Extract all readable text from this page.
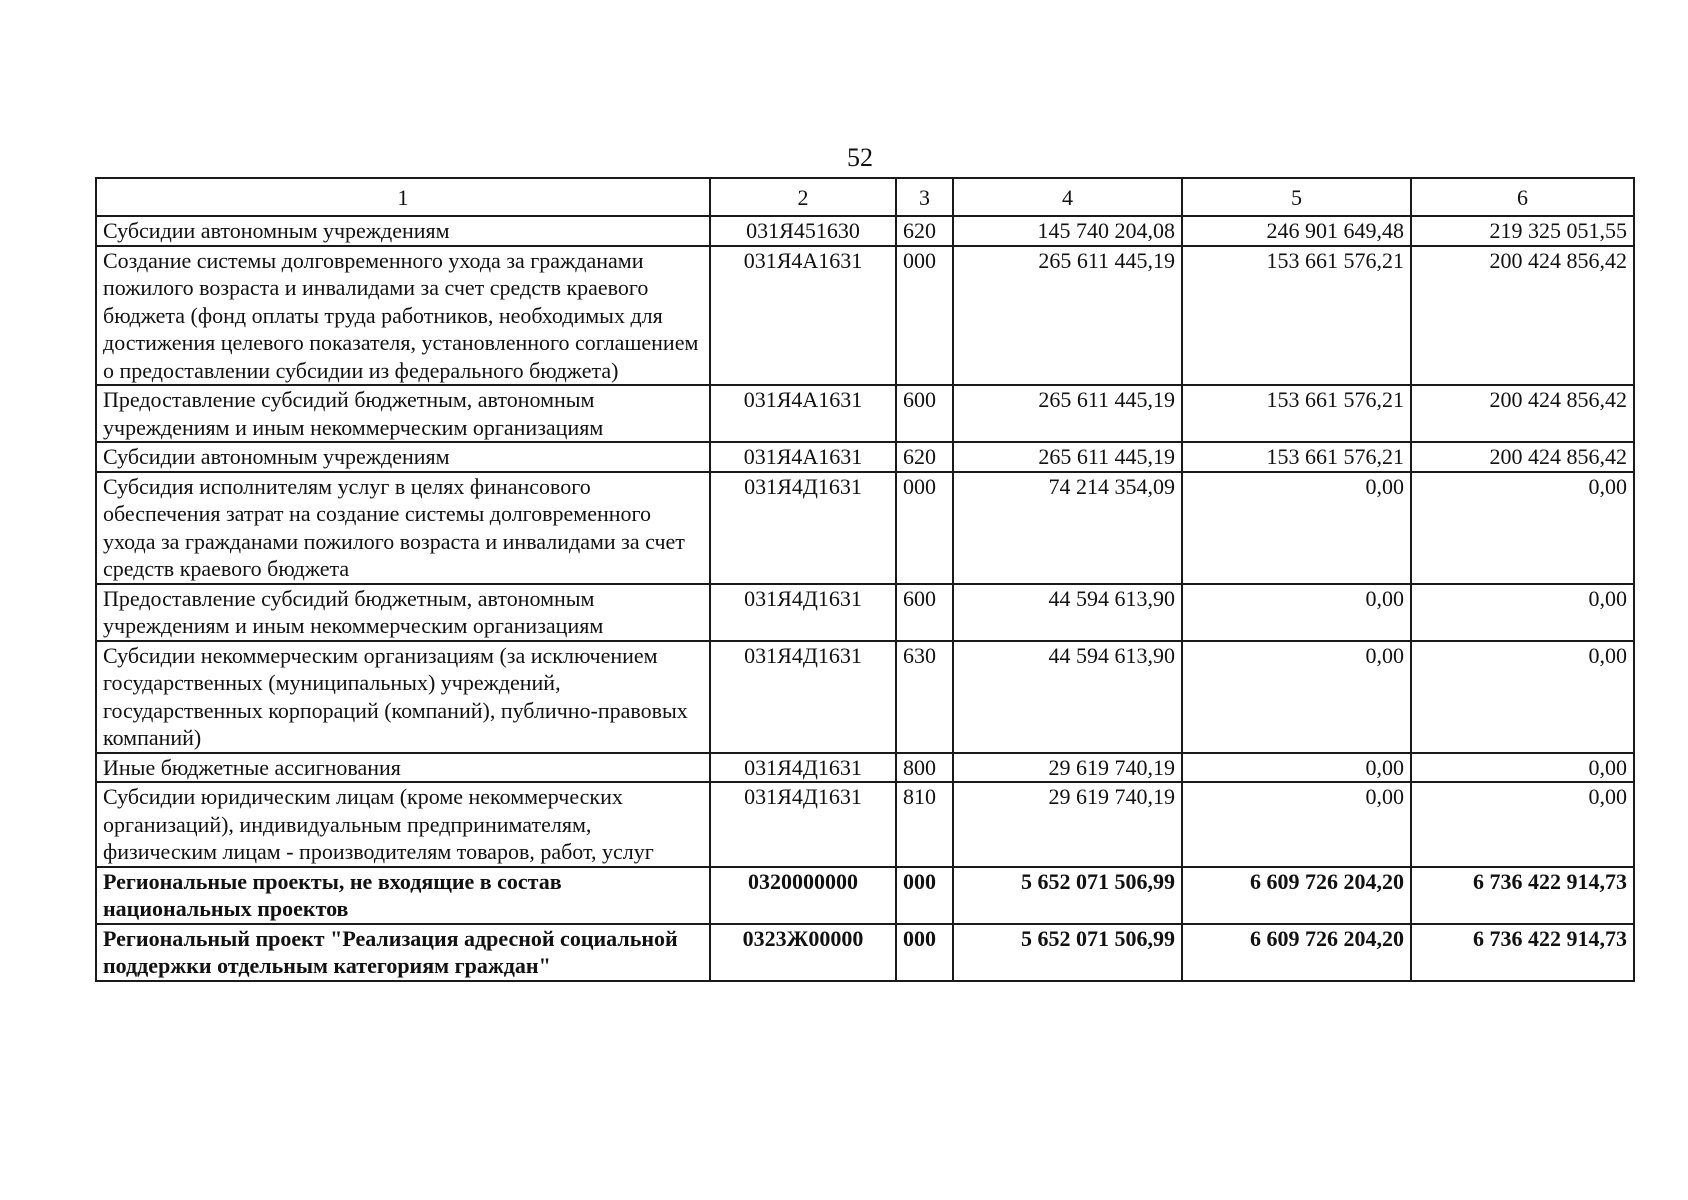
52
1	2	3	4	5	6
Субсидии автономным учреждениям	031Я451630	620	145 740 204,08	246 901 649,48	219 325 051,55
Создание системы долговременного ухода за гражданами пожилого возраста и инвалидами за счет средств краевого бюджета (фонд оплаты труда работников, необходимых для достижения целевого показателя, установленного соглашением о предоставлении субсидии из федерального бюджета)	031Я4А1631	000	265 611 445,19	153 661 576,21	200 424 856,42
Предоставление субсидий бюджетным, автономным учреждениям и иным некоммерческим организациям	031Я4А1631	600	265 611 445,19	153 661 576,21	200 424 856,42
Субсидии автономным учреждениям	031Я4А1631	620	265 611 445,19	153 661 576,21	200 424 856,42
Субсидия исполнителям услуг в целях финансового обеспечения затрат на создание системы долговременного ухода за гражданами пожилого возраста и инвалидами за счет средств краевого бюджета	031Я4Д1631	000	74 214 354,09	0,00	0,00
Предоставление субсидий бюджетным, автономным учреждениям и иным некоммерческим организациям	031Я4Д1631	600	44 594 613,90	0,00	0,00
Субсидии некоммерческим организациям (за исключением государственных (муниципальных) учреждений, государственных корпораций (компаний), публично-правовых компаний)	031Я4Д1631	630	44 594 613,90	0,00	0,00
Иные бюджетные ассигнования	031Я4Д1631	800	29 619 740,19	0,00	0,00
Субсидии юридическим лицам (кроме некоммерческих организаций), индивидуальным предпринимателям, физическим лицам - производителям товаров, работ, услуг	031Я4Д1631	810	29 619 740,19	0,00	0,00
Региональные проекты, не входящие в состав национальных проектов	0320000000	000	5 652 071 506,99	6 609 726 204,20	6 736 422 914,73
Региональный проект "Реализация адресной социальной поддержки отдельным категориям граждан"	0323Ж00000	000	5 652 071 506,99	6 609 726 204,20	6 736 422 914,73
